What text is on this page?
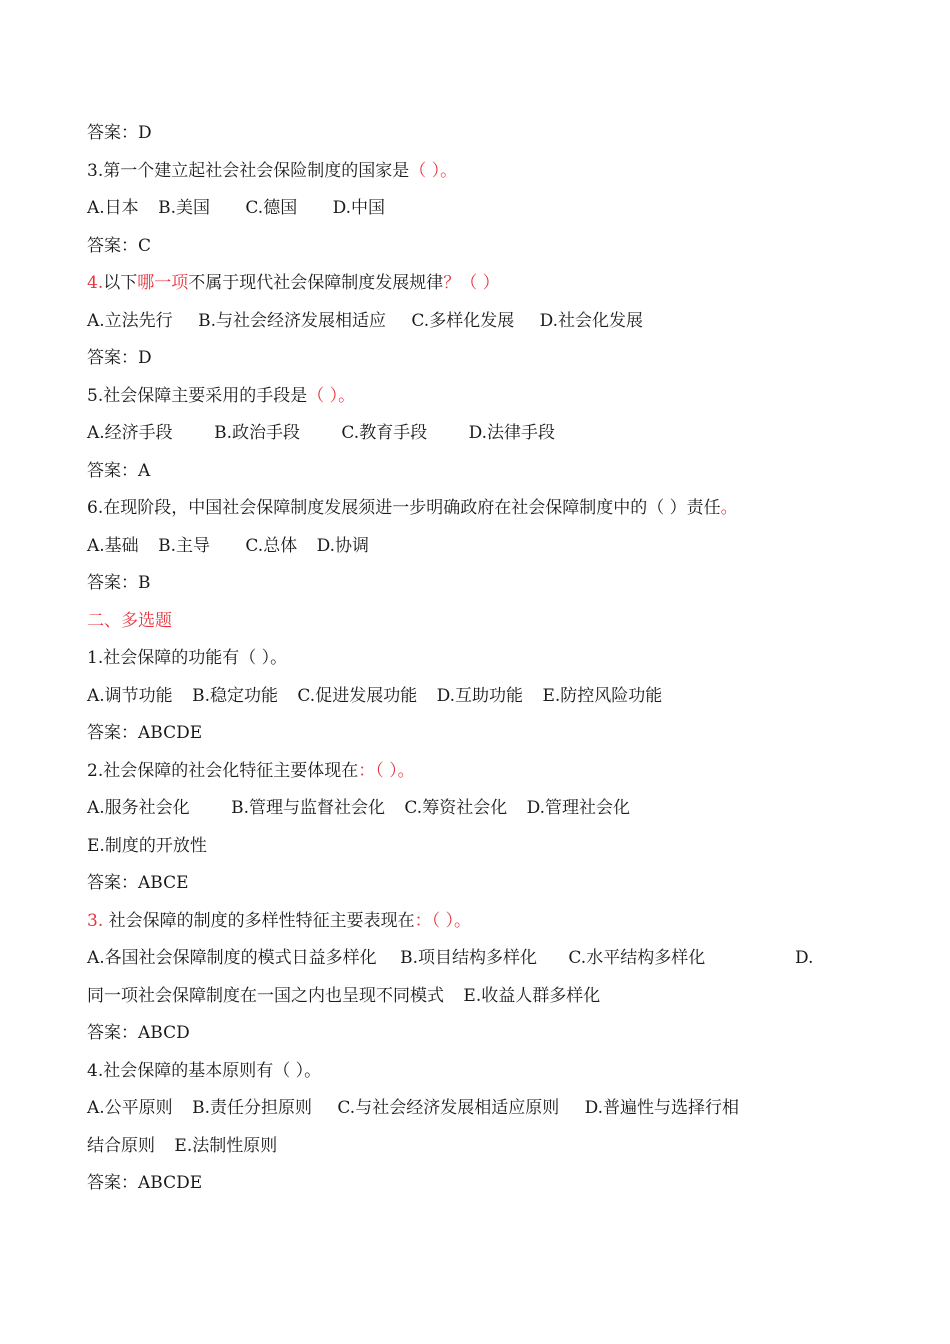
答案：D
3.第一个建立起社会社会保险制度的国家是（ ）。
A.日本 B.美国 C.德国 D.中国
答案：C
4.以下哪一项不属于现代社会保障制度发展规律？（ ）
A.立法先行 B.与社会经济发展相适应 C.多样化发展 D.社会化发展
答案：D
5.社会保障主要采用的手段是（ ）。
A.经济手段 B.政治手段 C.教育手段 D.法律手段
答案：A
6.在现阶段，中国社会保障制度发展须进一步明确政府在社会保障制度中的（ ）责任。
A.基础 B.主导 C.总体 D.协调
答案：B
二、多选题
1.社会保障的功能有（ ）。
A.调节功能 B.稳定功能 C.促进发展功能 D.互助功能 E.防控风险功能
答案：ABCDE
2.社会保障的社会化特征主要体现在：（ ）。
A.服务社会化 B.管理与监督社会化 C.筹资社会化 D.管理社会化
E.制度的开放性
答案：ABCE
3. 社会保障的制度的多样性特征主要表现在：（ ）。
A.各国社会保障制度的模式日益多样化 B.项目结构多样化 C.水平结构多样化	D.
同一项社会保障制度在一国之内也呈现不同模式 E.收益人群多样化
答案：ABCD
4.社会保障的基本原则有（ ）。
A.公平原则 B.责任分担原则 C.与社会经济发展相适应原则 D.普遍性与选择行相
结合原则 E.法制性原则
答案：ABCDE
